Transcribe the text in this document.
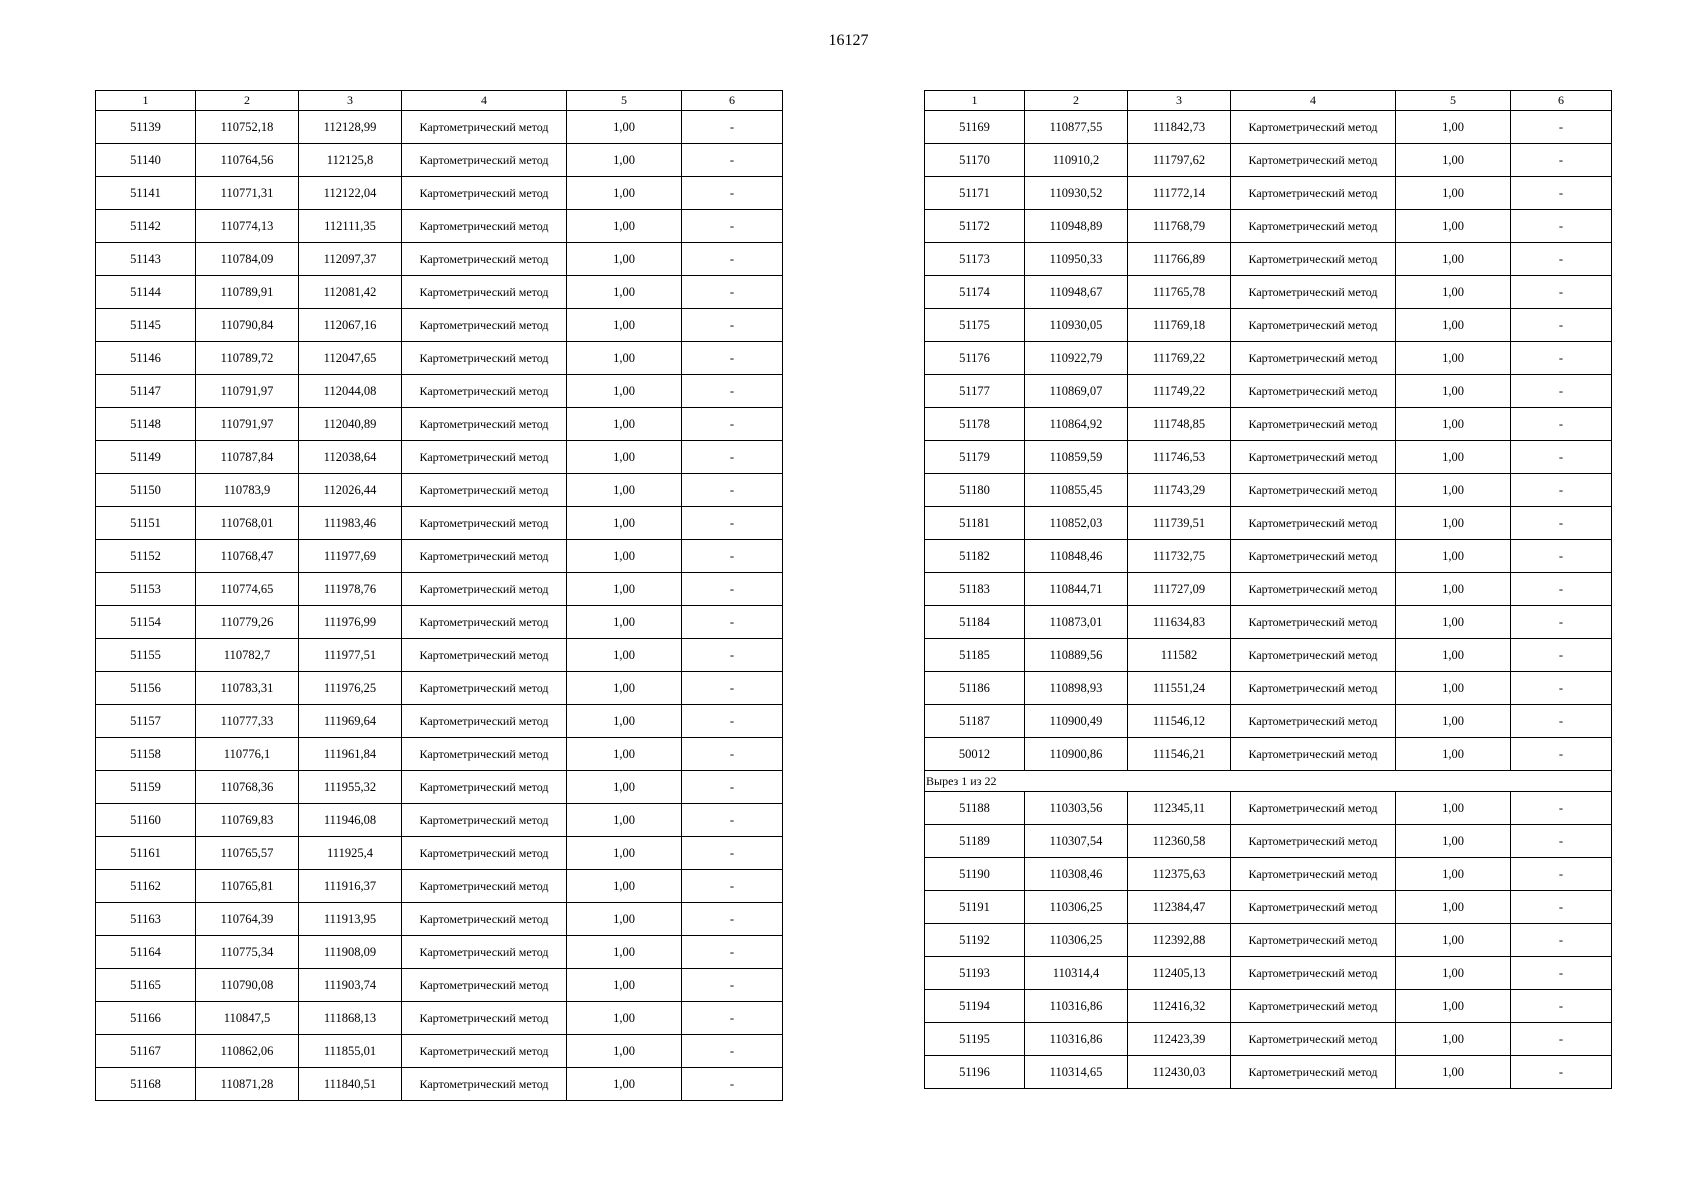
16127
1	2	3	4	5	6
51139	110752,18	112128,99	Картометрический метод	1,00	-
51140	110764,56	112125,8	Картометрический метод	1,00	-
51141	110771,31	112122,04	Картометрический метод	1,00	-
51142	110774,13	112111,35	Картометрический метод	1,00	-
51143	110784,09	112097,37	Картометрический метод	1,00	-
51144	110789,91	112081,42	Картометрический метод	1,00	-
51145	110790,84	112067,16	Картометрический метод	1,00	-
51146	110789,72	112047,65	Картометрический метод	1,00	-
51147	110791,97	112044,08	Картометрический метод	1,00	-
51148	110791,97	112040,89	Картометрический метод	1,00	-
51149	110787,84	112038,64	Картометрический метод	1,00	-
51150	110783,9	112026,44	Картометрический метод	1,00	-
51151	110768,01	111983,46	Картометрический метод	1,00	-
51152	110768,47	111977,69	Картометрический метод	1,00	-
51153	110774,65	111978,76	Картометрический метод	1,00	-
51154	110779,26	111976,99	Картометрический метод	1,00	-
51155	110782,7	111977,51	Картометрический метод	1,00	-
51156	110783,31	111976,25	Картометрический метод	1,00	-
51157	110777,33	111969,64	Картометрический метод	1,00	-
51158	110776,1	111961,84	Картометрический метод	1,00	-
51159	110768,36	111955,32	Картометрический метод	1,00	-
51160	110769,83	111946,08	Картометрический метод	1,00	-
51161	110765,57	111925,4	Картометрический метод	1,00	-
51162	110765,81	111916,37	Картометрический метод	1,00	-
51163	110764,39	111913,95	Картометрический метод	1,00	-
51164	110775,34	111908,09	Картометрический метод	1,00	-
51165	110790,08	111903,74	Картометрический метод	1,00	-
51166	110847,5	111868,13	Картометрический метод	1,00	-
51167	110862,06	111855,01	Картометрический метод	1,00	-
51168	110871,28	111840,51	Картометрический метод	1,00	-
1	2	3	4	5	6
51169	110877,55	111842,73	Картометрический метод	1,00	-
51170	110910,2	111797,62	Картометрический метод	1,00	-
51171	110930,52	111772,14	Картометрический метод	1,00	-
51172	110948,89	111768,79	Картометрический метод	1,00	-
51173	110950,33	111766,89	Картометрический метод	1,00	-
51174	110948,67	111765,78	Картометрический метод	1,00	-
51175	110930,05	111769,18	Картометрический метод	1,00	-
51176	110922,79	111769,22	Картометрический метод	1,00	-
51177	110869,07	111749,22	Картометрический метод	1,00	-
51178	110864,92	111748,85	Картометрический метод	1,00	-
51179	110859,59	111746,53	Картометрический метод	1,00	-
51180	110855,45	111743,29	Картометрический метод	1,00	-
51181	110852,03	111739,51	Картометрический метод	1,00	-
51182	110848,46	111732,75	Картометрический метод	1,00	-
51183	110844,71	111727,09	Картометрический метод	1,00	-
51184	110873,01	111634,83	Картометрический метод	1,00	-
51185	110889,56	111582	Картометрический метод	1,00	-
51186	110898,93	111551,24	Картометрический метод	1,00	-
51187	110900,49	111546,12	Картометрический метод	1,00	-
50012	110900,86	111546,21	Картометрический метод	1,00	-
Вырез 1 из 22					
51188	110303,56	112345,11	Картометрический метод	1,00	-
51189	110307,54	112360,58	Картометрический метод	1,00	-
51190	110308,46	112375,63	Картометрический метод	1,00	-
51191	110306,25	112384,47	Картометрический метод	1,00	-
51192	110306,25	112392,88	Картометрический метод	1,00	-
51193	110314,4	112405,13	Картометрический метод	1,00	-
51194	110316,86	112416,32	Картометрический метод	1,00	-
51195	110316,86	112423,39	Картометрический метод	1,00	-
51196	110314,65	112430,03	Картометрический метод	1,00	-
